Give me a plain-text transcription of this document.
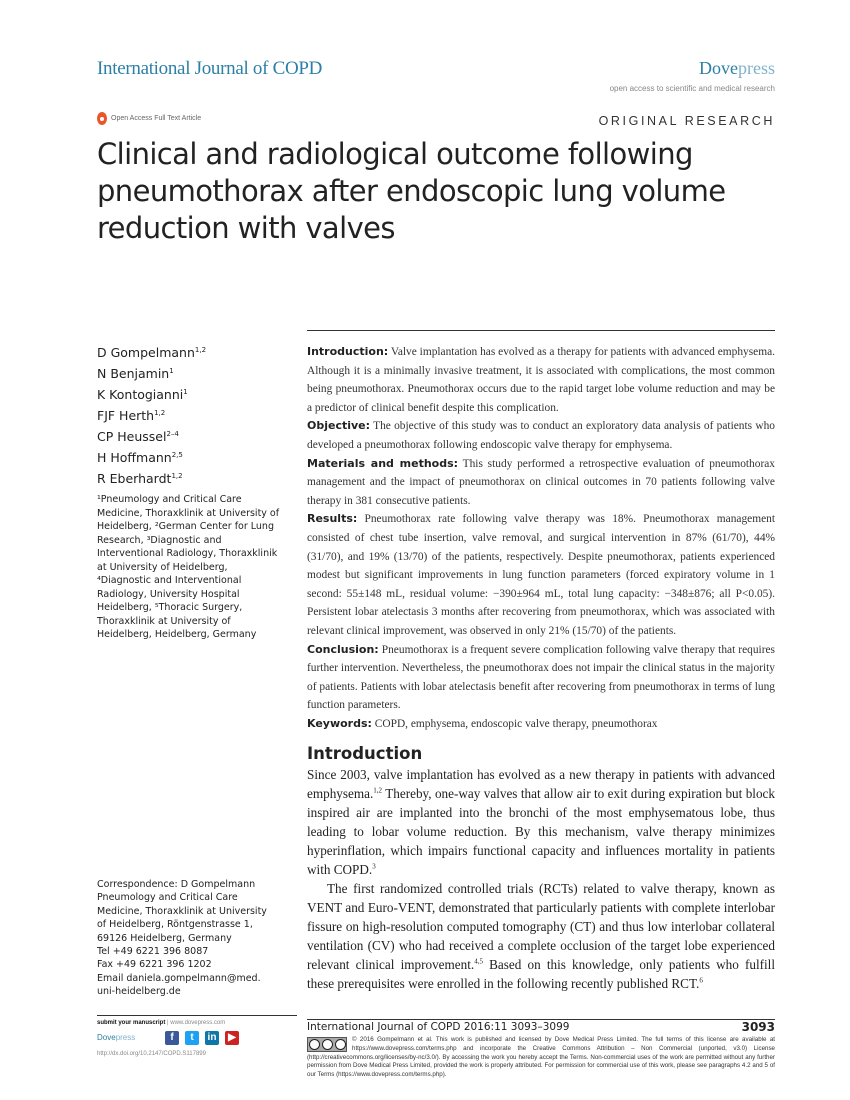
International Journal of COPD	Dovepress
open access to scientific and medical research
Open Access Full Text Article	ORIGINAL RESEARCH
Clinical and radiological outcome following pneumothorax after endoscopic lung volume reduction with valves
D Gompelmann$^{1,2}$
N Benjamin$^1$
K Kontogianni$^1$
FJF Herth$^{1,2}$
CP Heussel$^{2-4}$
H Hoffmann$^{2,5}$
R Eberhardt$^{1,2}$
¹Pneumology and Critical Care Medicine, Thoraxklinik at University of Heidelberg, ²German Center for Lung Research, ³Diagnostic and Interventional Radiology, Thoraxklinik at University of Heidelberg, ⁴Diagnostic and Interventional Radiology, University Hospital Heidelberg, ⁵Thoracic Surgery, Thoraxklinik at University of Heidelberg, Heidelberg, Germany
Correspondence: D Gompelmann
Pneumology and Critical Care
Medicine, Thoraxklinik at University
of Heidelberg, Röntgenstrasse 1,
69126 Heidelberg, Germany
Tel +49 6221 396 8087
Fax +49 6221 396 1202
Email daniela.gompelmann@med.
uni-heidelberg.de

Introduction: Valve implantation has evolved as a therapy for patients with advanced emphysema. Although it is a minimally invasive treatment, it is associated with complications, the most common being pneumothorax. Pneumothorax occurs due to the rapid target lobe volume reduction and may be a predictor of clinical benefit despite this complication.

Objective: The objective of this study was to conduct an exploratory data analysis of patients who developed a pneumothorax following endoscopic valve therapy for emphysema.

Materials and methods: This study performed a retrospective evaluation of pneumothorax management and the impact of pneumothorax on clinical outcomes in 70 patients following valve therapy in 381 consecutive patients.

Results: Pneumothorax rate following valve therapy was 18%. Pneumothorax management consisted of chest tube insertion, valve removal, and surgical intervention in 87% (61/70), 44% (31/70), and 19% (13/70) of the patients, respectively. Despite pneumothorax, patients experienced modest but significant improvements in lung function parameters (forced expiratory volume in 1 second: 55±148 mL, residual volume: −390±964 mL, total lung capacity: −348±876; all P<0.05). Persistent lobar atelectasis 3 months after recovering from pneumothorax, which was associated with relevant clinical improvement, was observed in only 21% (15/70) of the patients.

Conclusion: Pneumothorax is a frequent severe complication following valve therapy that requires further intervention. Nevertheless, the pneumothorax does not impair the clinical status in the majority of patients. Patients with lobar atelectasis benefit after recovering from pneumothorax in terms of lung function parameters.

Keywords: COPD, emphysema, endoscopic valve therapy, pneumothorax

Introduction

Since 2003, valve implantation has evolved as a new therapy in patients with advanced emphysema.$^{1,2}$ Thereby, one-way valves that allow air to exit during expiration but block inspired air are implanted into the bronchi of the most emphysematous lobe, thus leading to lobar volume reduction. By this mechanism, valve therapy minimizes hyperinflation, which impairs functional capacity and influences mortality in patients with COPD.$^3$

The first randomized controlled trials (RCTs) related to valve therapy, known as VENT and Euro-VENT, demonstrated that particularly patients with complete interlobar fissure on high-resolution computed tomography (CT) and thus low interlobar collateral ventilation (CV) who had received a complete occlusion of the target lobe experienced relevant clinical improvement.$^{4,5}$ Based on this knowledge, only patients who fulfill these prerequisites were enrolled in the following recently published RCT.$^6$

submit your manuscript | www.dovepress.com
Dovepress	f	t	in	▶
http://dx.doi.org/10.2147/COPD.S117899
International Journal of COPD 2016:11 3093–3099	3093
© 2016 Gompelmann et al. This work is published and licensed by Dove Medical Press Limited. The full terms of this license are available at https://www.dovepress.com/terms.php and incorporate the Creative Commons Attribution – Non Commercial (unported, v3.0) License (http://creativecommons.org/licenses/by-nc/3.0/). By accessing the work you hereby accept the Terms. Non-commercial uses of the work are permitted without any further permission from Dove Medical Press Limited, provided the work is properly attributed. For permission for commercial use of this work, please see paragraphs 4.2 and 5 of our Terms (https://www.dovepress.com/terms.php).
